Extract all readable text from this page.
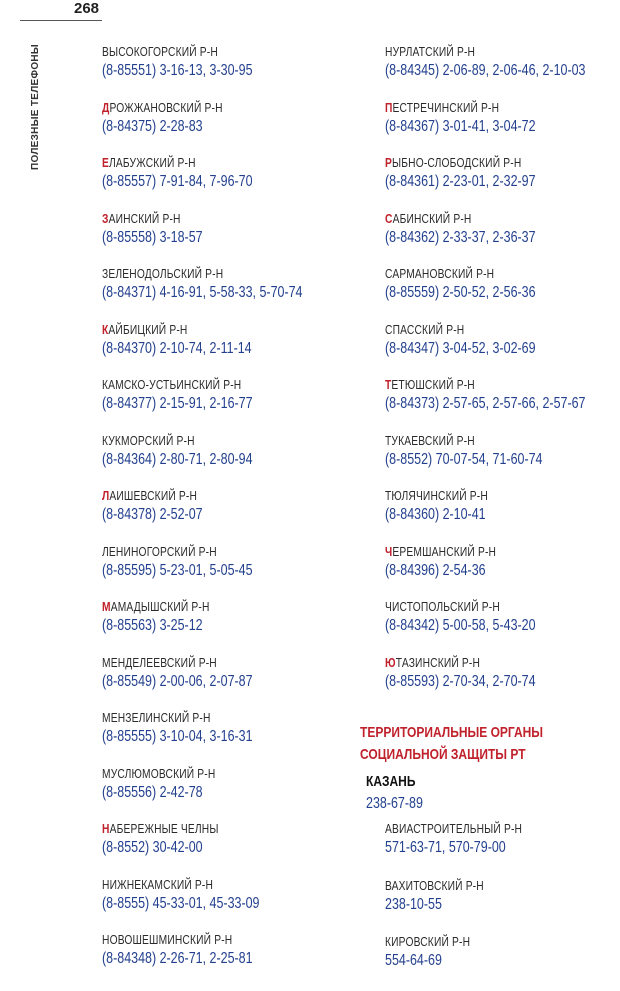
268
ПОЛЕЗНЫЕ ТЕЛЕФОНЫ	ВЫСОКОГОРСКИЙ Р-Н
(8-85551) 3-16-13, 3-30-95
ДРОЖЖАНОВСКИЙ Р-Н
(8-84375) 2-28-83
ЕЛАБУЖСКИЙ Р-Н
(8-85557) 7-91-84, 7-96-70
ЗАИНСКИЙ Р-Н
(8-85558) 3-18-57
ЗЕЛЕНОДОЛЬСКИЙ Р-Н
(8-84371) 4-16-91, 5-58-33, 5-70-74
КАЙБИЦКИЙ Р-Н
(8-84370) 2-10-74, 2-11-14
КАМСКО-УСТЬИНСКИЙ Р-Н
(8-84377) 2-15-91, 2-16-77
КУКМОРСКИЙ Р-Н
(8-84364) 2-80-71, 2-80-94
ЛАИШЕВСКИЙ Р-Н
(8-84378) 2-52-07
ЛЕНИНОГОРСКИЙ Р-Н
(8-85595) 5-23-01, 5-05-45
МАМАДЫШСКИЙ Р-Н
(8-85563) 3-25-12
МЕНДЕЛЕЕВСКИЙ Р-Н
(8-85549) 2-00-06, 2-07-87
МЕНЗЕЛИНСКИЙ Р-Н
(8-85555) 3-10-04, 3-16-31
МУСЛЮМОВСКИЙ Р-Н
(8-85556) 2-42-78
НАБЕРЕЖНЫЕ ЧЕЛНЫ
(8-8552) 30-42-00
НИЖНЕКАМСКИЙ Р-Н
(8-8555) 45-33-01, 45-33-09
НОВОШЕШМИНСКИЙ Р-Н
(8-84348) 2-26-71, 2-25-81
НУРЛАТСКИЙ Р-Н
(8-84345) 2-06-89, 2-06-46, 2-10-03
ПЕСТРЕЧИНСКИЙ Р-Н
(8-84367) 3-01-41, 3-04-72
РЫБНО-СЛОБОДСКИЙ Р-Н
(8-84361) 2-23-01, 2-32-97
САБИНСКИЙ Р-Н
(8-84362) 2-33-37, 2-36-37
САРМАНОВСКИЙ Р-Н
(8-85559) 2-50-52, 2-56-36
СПАССКИЙ Р-Н
(8-84347) 3-04-52, 3-02-69
ТЕТЮШСКИЙ Р-Н
(8-84373) 2-57-65, 2-57-66, 2-57-67
ТУКАЕВСКИЙ Р-Н
(8-8552) 70-07-54, 71-60-74
ТЮЛЯЧИНСКИЙ Р-Н
(8-84360) 2-10-41
ЧЕРЕМШАНСКИЙ Р-Н
(8-84396) 2-54-36
ЧИСТОПОЛЬСКИЙ Р-Н
(8-84342) 5-00-58, 5-43-20
ЮТАЗИНСКИЙ Р-Н
(8-85593) 2-70-34, 2-70-74
ТЕРРИТОРИАЛЬНЫЕ ОРГАНЫ
СОЦИАЛЬНОЙ ЗАЩИТЫ РТ
КАЗАНЬ
238-67-89
АВИАСТРОИТЕЛЬНЫЙ Р-Н
571-63-71, 570-79-00
ВАХИТОВСКИЙ Р-Н
238-10-55
КИРОВСКИЙ Р-Н
554-64-69
